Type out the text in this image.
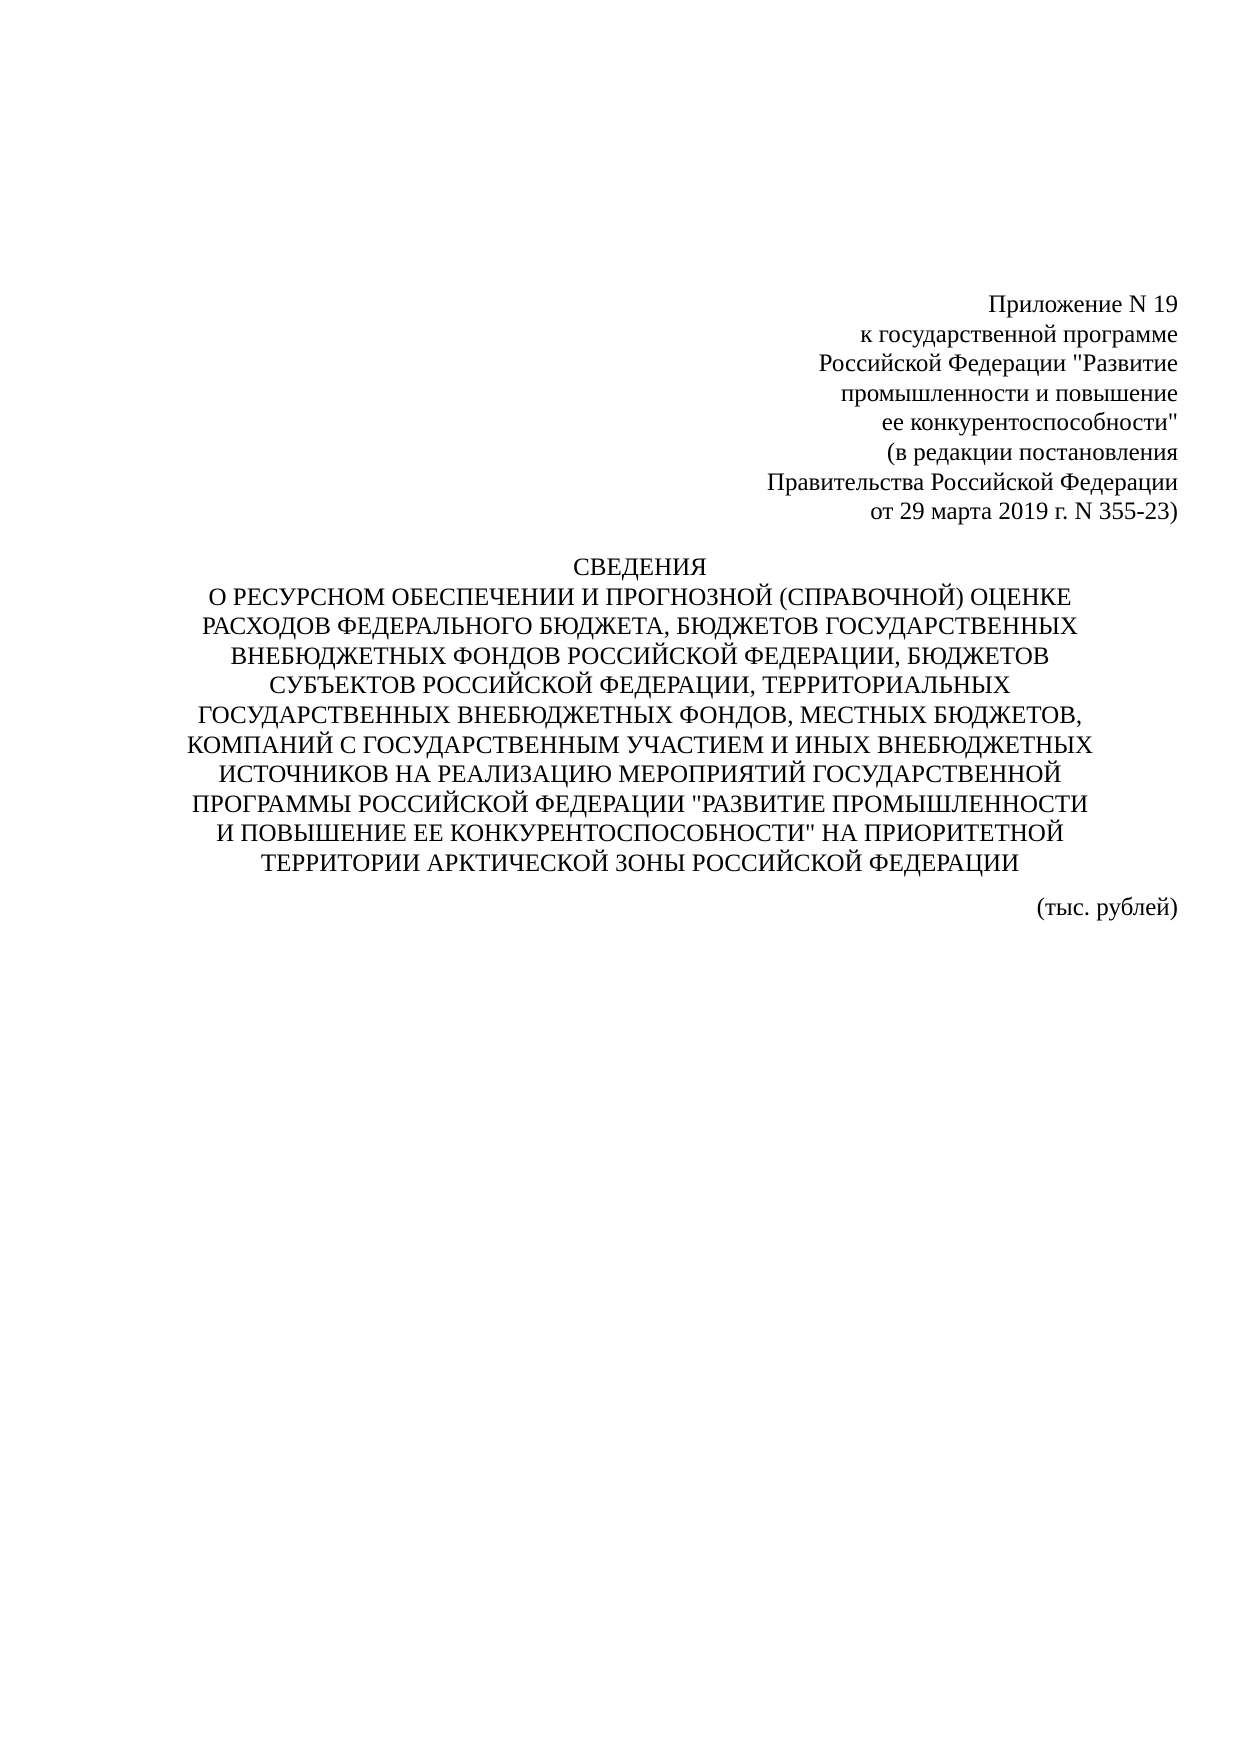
Приложение N 19
к государственной программе
Российской Федерации "Развитие
промышленности и повышение
ее конкурентоспособности"
(в редакции постановления
Правительства Российской Федерации
от 29 марта 2019 г. N 355-23)
СВЕДЕНИЯ
О РЕСУРСНОМ ОБЕСПЕЧЕНИИ И ПРОГНОЗНОЙ (СПРАВОЧНОЙ) ОЦЕНКЕ
РАСХОДОВ ФЕДЕРАЛЬНОГО БЮДЖЕТА, БЮДЖЕТОВ ГОСУДАРСТВЕННЫХ
ВНЕБЮДЖЕТНЫХ ФОНДОВ РОССИЙСКОЙ ФЕДЕРАЦИИ, БЮДЖЕТОВ
СУБЪЕКТОВ РОССИЙСКОЙ ФЕДЕРАЦИИ, ТЕРРИТОРИАЛЬНЫХ
ГОСУДАРСТВЕННЫХ ВНЕБЮДЖЕТНЫХ ФОНДОВ, МЕСТНЫХ БЮДЖЕТОВ,
КОМПАНИЙ С ГОСУДАРСТВЕННЫМ УЧАСТИЕМ И ИНЫХ ВНЕБЮДЖЕТНЫХ
ИСТОЧНИКОВ НА РЕАЛИЗАЦИЮ МЕРОПРИЯТИЙ ГОСУДАРСТВЕННОЙ
ПРОГРАММЫ РОССИЙСКОЙ ФЕДЕРАЦИИ "РАЗВИТИЕ ПРОМЫШЛЕННОСТИ
И ПОВЫШЕНИЕ ЕЕ КОНКУРЕНТОСПОСОБНОСТИ" НА ПРИОРИТЕТНОЙ
ТЕРРИТОРИИ АРКТИЧЕСКОЙ ЗОНЫ РОССИЙСКОЙ ФЕДЕРАЦИИ
(тыс. рублей)
